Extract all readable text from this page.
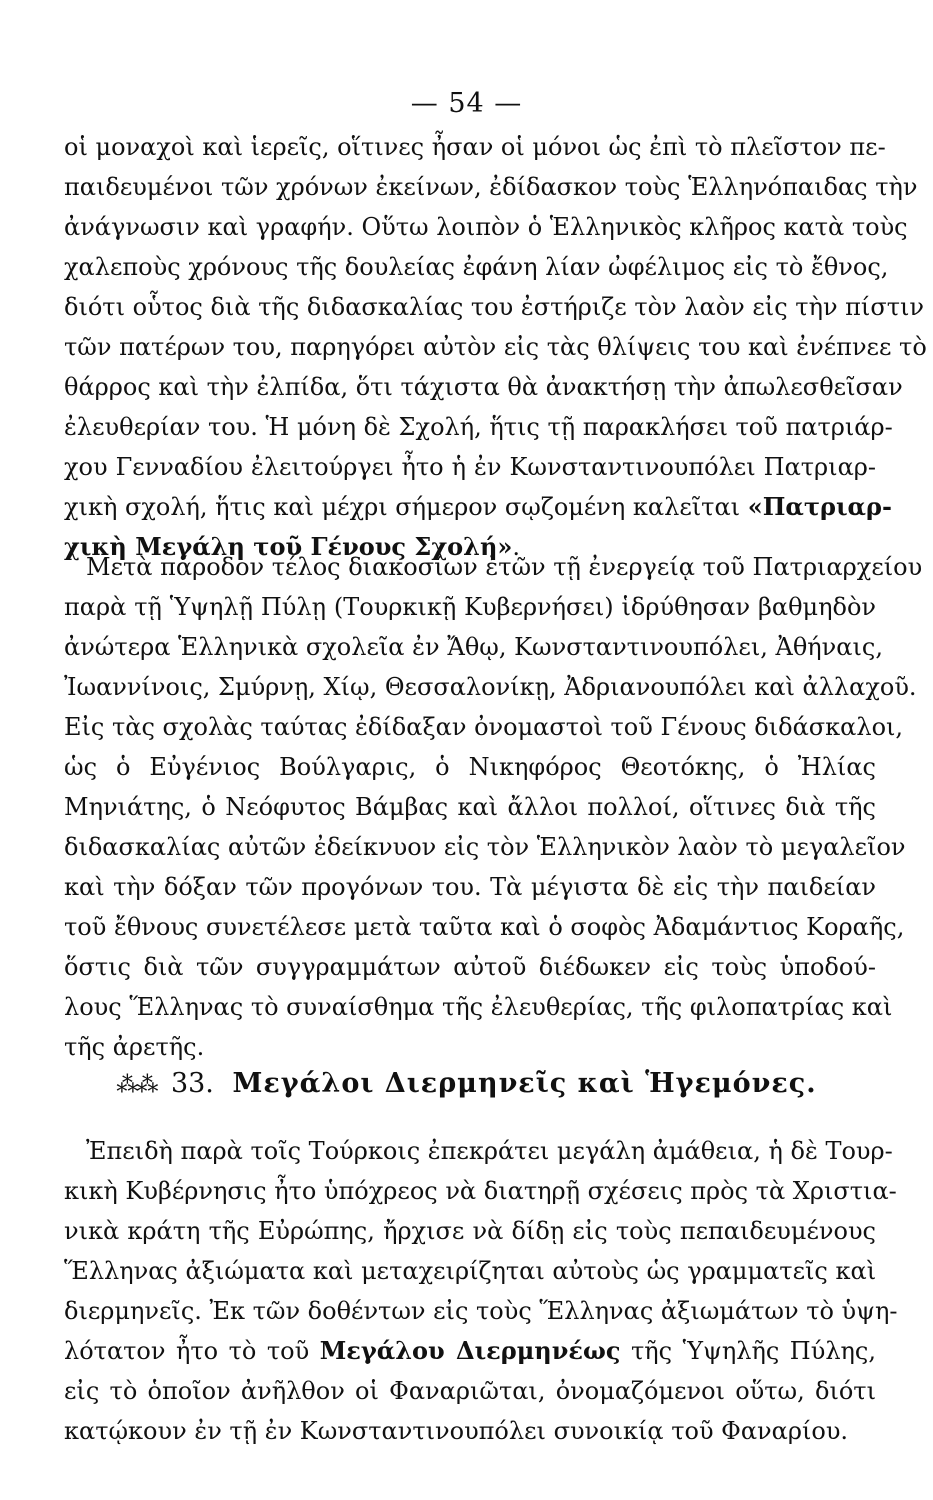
— 54 —
οἱ μοναχοὶ καὶ ἱερεῖς, οἵτινες ἦσαν οἱ μόνοι ὡς ἐπὶ τὸ πλεῖστον πε-
παιδευμένοι τῶν χρόνων ἐκείνων, ἐδίδασκον τοὺς Ἑλληνόπαιδας τὴν
ἀνάγνωσιν καὶ γραφήν. Οὕτω λοιπὸν ὁ Ἑλληνικὸς κλῆρος κατὰ τοὺς
χαλεποὺς χρόνους τῆς δουλείας ἐφάνη λίαν ὠφέλιμος εἰς τὸ ἔθνος,
διότι οὗτος διὰ τῆς διδασκαλίας του ἐστήριζε τὸν λαὸν εἰς τὴν πίστιν
τῶν πατέρων του, παρηγόρει αὐτὸν εἰς τὰς θλίψεις του καὶ ἐνέπνεε τὸ
θάρρος καὶ τὴν ἐλπίδα, ὅτι τάχιστα θὰ ἀνακτήσῃ τὴν ἀπωλεσθεῖσαν
ἐλευθερίαν του. Ἡ μόνη δὲ Σχολή, ἥτις τῇ παρακλήσει τοῦ πατριάρ-
χου Γενναδίου ἐλειτούργει ἦτο ἡ ἐν Κωνσταντινουπόλει Πατριαρ-
χικὴ σχολή, ἥτις καὶ μέχρι σήμερον σῳζομένη καλεῖται «Πατριαρ-
χικὴ Μεγάλη τοῦ Γένους Σχολή».
Μετὰ πάροδον τέλος διακοσίων ἐτῶν τῇ ἐνεργείᾳ τοῦ Πατριαρχείου
παρὰ τῇ Ὑψηλῇ Πύλῃ (Τουρκικῇ Κυβερνήσει) ἱδρύθησαν βαθμηδὸν
ἀνώτερα Ἑλληνικὰ σχολεῖα ἐν Ἄθῳ, Κωνσταντινουπόλει, Ἀθήναις,
Ἰωαννίνοις, Σμύρνῃ, Χίῳ, Θεσσαλονίκῃ, Ἀδριανουπόλει καὶ ἀλλαχοῦ.
Εἰς τὰς σχολὰς ταύτας ἐδίδαξαν ὀνομαστοὶ τοῦ Γένους διδάσκαλοι,
ὡς ὁ Εὐγένιος Βούλγαρις, ὁ Νικηφόρος Θεοτόκης, ὁ Ἠλίας
Μηνιάτης, ὁ Νεόφυτος Βάμβας καὶ ἄλλοι πολλοί, οἵτινες διὰ τῆς
διδασκαλίας αὐτῶν ἐδείκνυον εἰς τὸν Ἑλληνικὸν λαὸν τὸ μεγαλεῖον
καὶ τὴν δόξαν τῶν προγόνων του. Τὰ μέγιστα δὲ εἰς τὴν παιδείαν
τοῦ ἔθνους συνετέλεσε μετὰ ταῦτα καὶ ὁ σοφὸς Ἀδαμάντιος Κοραῆς,
ὅστις διὰ τῶν συγγραμμάτων αὐτοῦ διέδωκεν εἰς τοὺς ὑποδού-
λους Ἕλληνας τὸ συναίσθημα τῆς ἐλευθερίας, τῆς φιλοπατρίας καὶ
τῆς ἀρετῆς.
⁂⁂ 33. Μεγάλοι Διερμηνεῖς καὶ Ἡγεμόνες.
Ἐπειδὴ παρὰ τοῖς Τούρκοις ἐπεκράτει μεγάλη ἀμάθεια, ἡ δὲ Τουρ-
κικὴ Κυβέρνησις ἦτο ὑπόχρεος νὰ διατηρῇ σχέσεις πρὸς τὰ Χριστια-
νικὰ κράτη τῆς Εὐρώπης, ἤρχισε νὰ δίδῃ εἰς τοὺς πεπαιδευμένους
Ἕλληνας ἀξιώματα καὶ μεταχειρίζηται αὐτοὺς ὡς γραμματεῖς καὶ
διερμηνεῖς. Ἐκ τῶν δοθέντων εἰς τοὺς Ἕλληνας ἀξιωμάτων τὸ ὑψη-
λότατον ἦτο τὸ τοῦ Μεγάλου Διερμηνέως τῆς Ὑψηλῆς Πύλης,
εἰς τὸ ὁποῖον ἀνῆλθον οἱ Φαναριῶται, ὀνομαζόμενοι οὕτω, διότι
κατῴκουν ἐν τῇ ἐν Κωνσταντινουπόλει συνοικίᾳ τοῦ Φαναρίου.
